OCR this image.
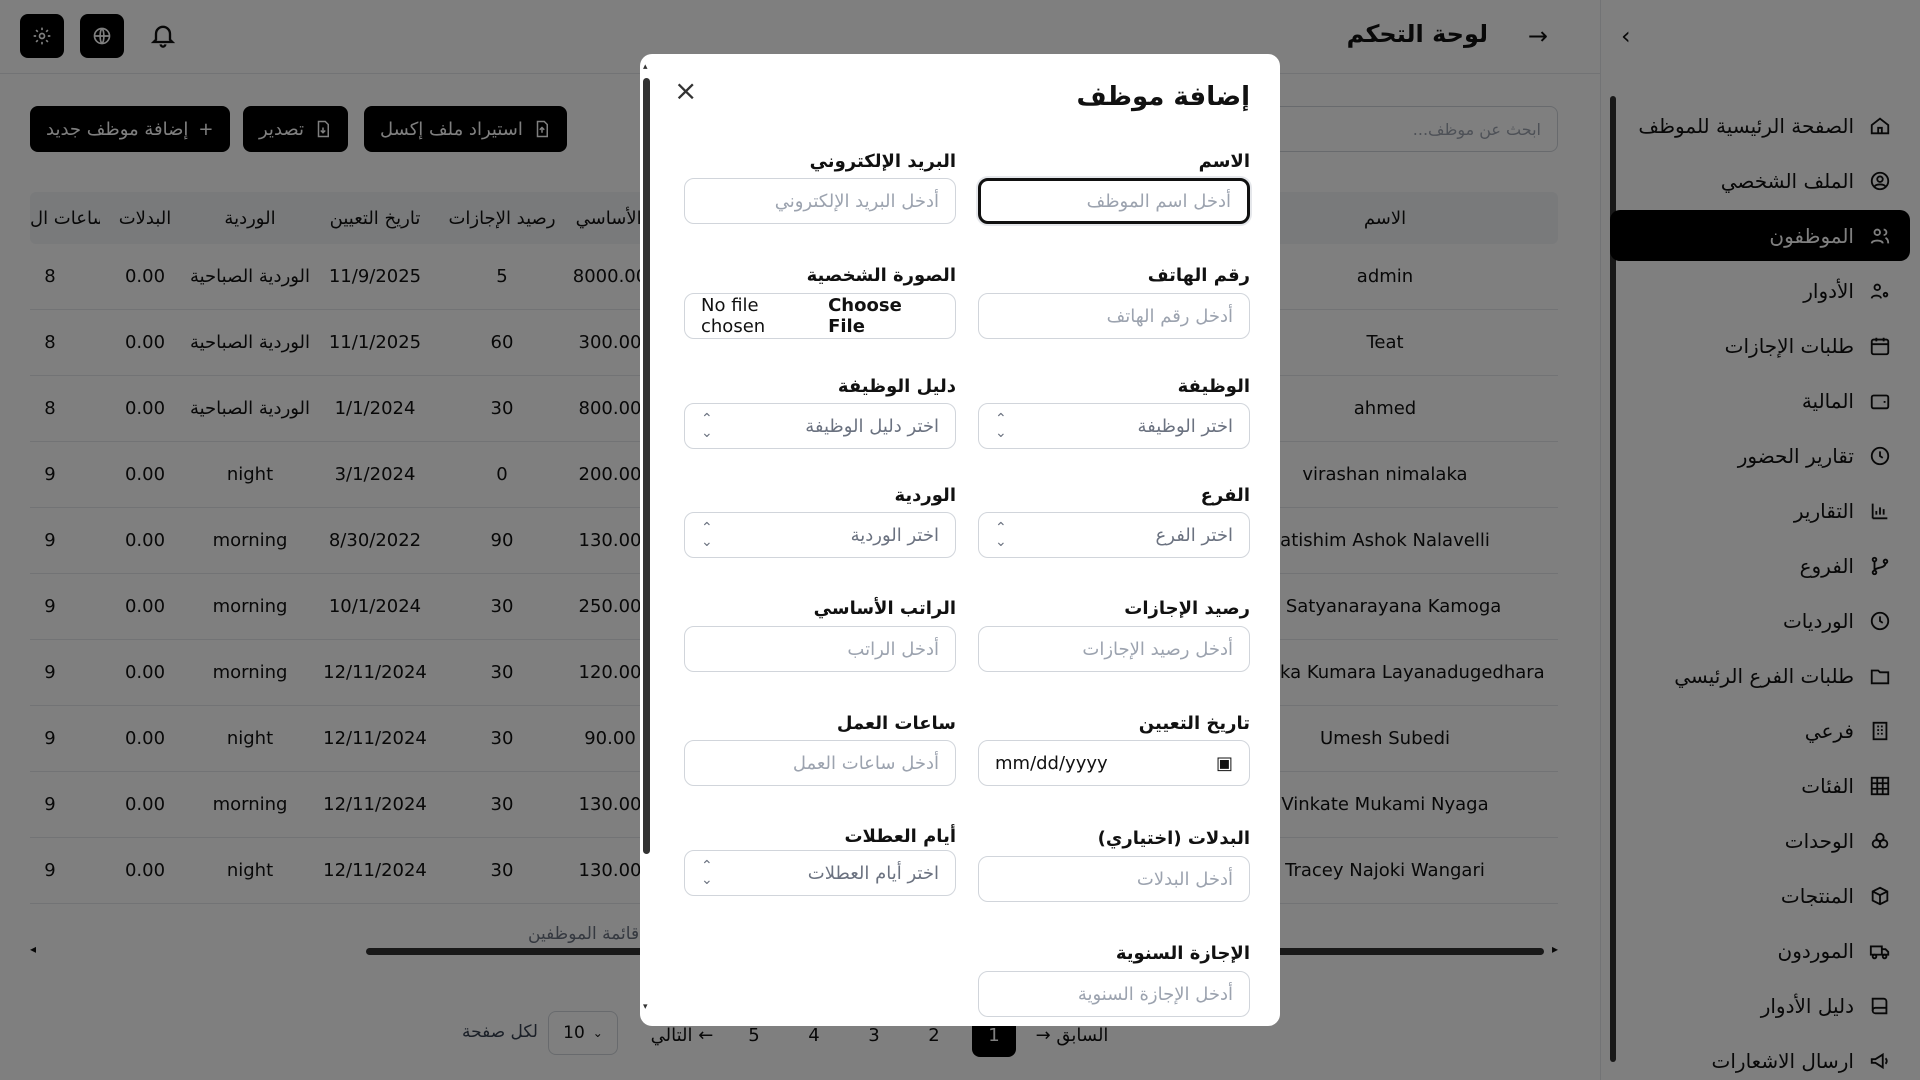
▴
▾
×	إضافة موظف
الاسم
أدخل اسم الموظف
البريد الإلكتروني
أدخل البريد الإلكتروني
رقم الهاتف
أدخل رقم الهاتف
الصورة الشخصية
No file chosen
Choose File
الوظيفة
اختر الوظيفة
⌃
⌄
دليل الوظيفة
اختر دليل الوظيفة
⌃
⌄
الفرع
اختر الفرع
⌃
⌄
الوردية
اختر الوردية
⌃
⌄
رصيد الإجازات
أدخل رصيد الإجازات
الراتب الأساسي
أدخل الراتب
تاريخ التعيين
mm/dd/yyyy	▣
ساعات العمل
أدخل ساعات العمل
البدلات (اختياري)
أدخل البدلات
أيام العطلات
اختر أيام العطلات
⌃
⌄
الإجازة السنوية
أدخل الإجازة السنوية
